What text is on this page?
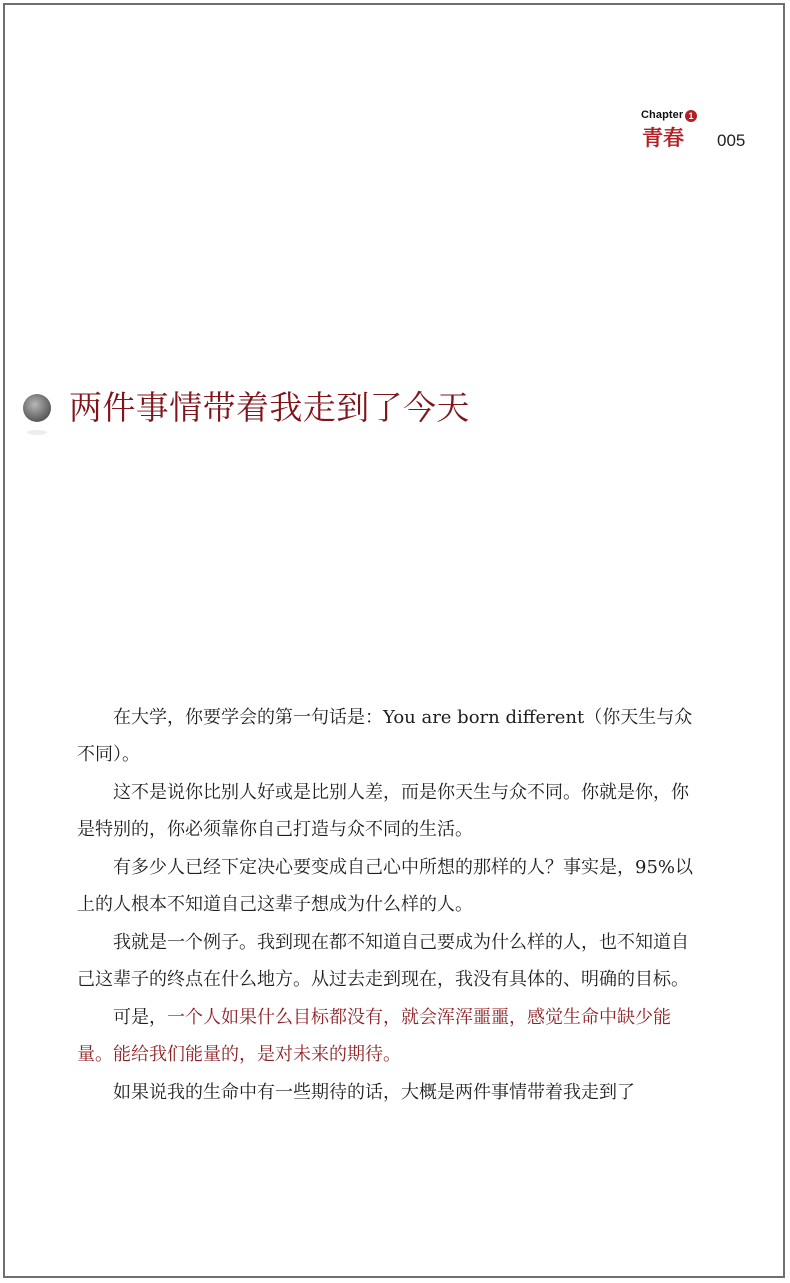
Chapter 1
青春 005
两件事情带着我走到了今天

在大学，你要学会的第一句话是：You are born different（你天生与众不同）。

这不是说你比别人好或是比别人差，而是你天生与众不同。你就是你，你是特别的，你必须靠你自己打造与众不同的生活。

有多少人已经下定决心要变成自己心中所想的那样的人？事实是，95%以上的人根本不知道自己这辈子想成为什么样的人。

我就是一个例子。我到现在都不知道自己要成为什么样的人，也不知道自己这辈子的终点在什么地方。从过去走到现在，我没有具体的、明确的目标。

可是，一个人如果什么目标都没有，就会浑浑噩噩，感觉生命中缺少能量。能给我们能量的，是对未来的期待。

如果说我的生命中有一些期待的话，大概是两件事情带着我走到了
